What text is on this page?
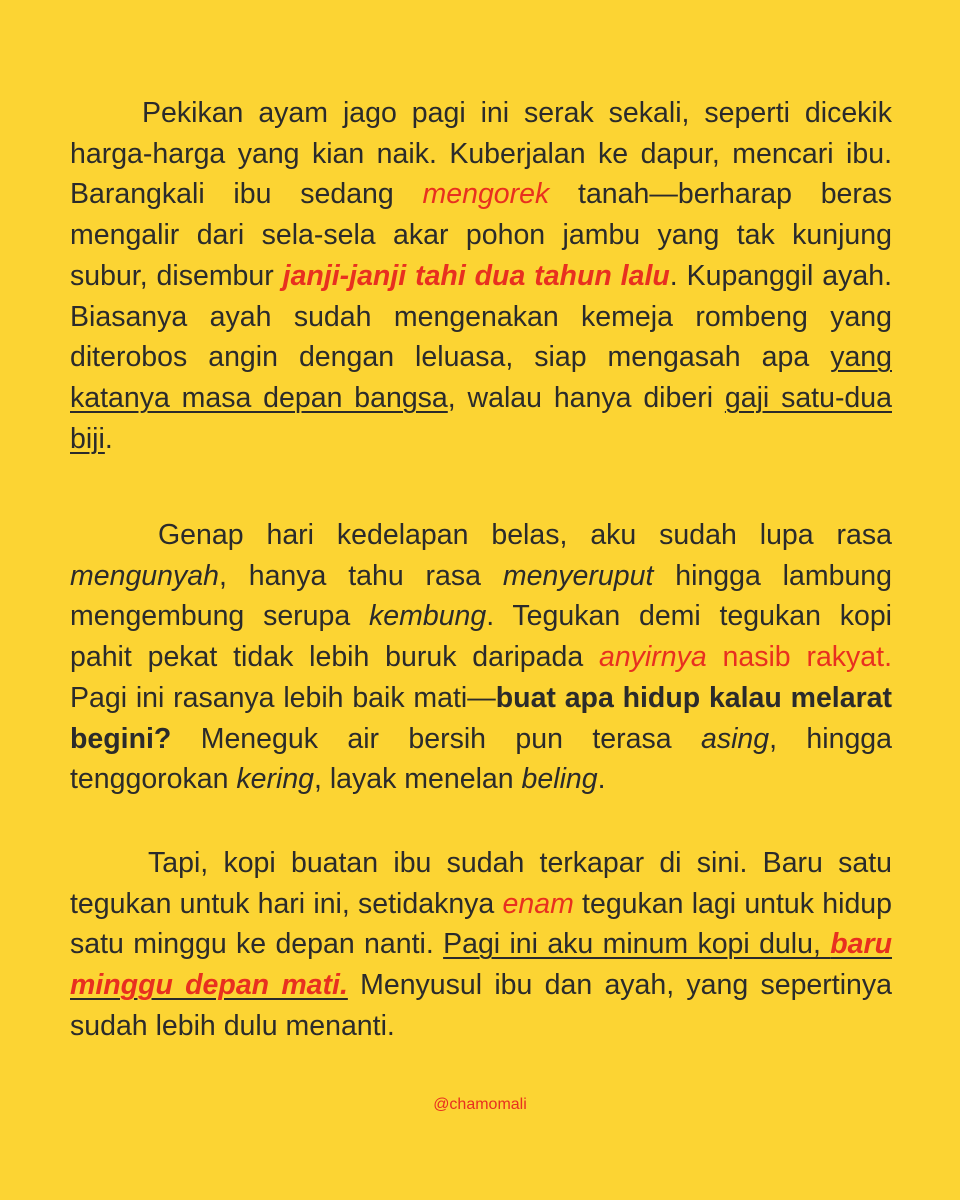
Pekikan ayam jago pagi ini serak sekali, seperti dicekik harga-harga yang kian naik. Kuberjalan ke dapur, mencari ibu. Barangkali ibu sedang mengorek tanah—berharap beras mengalir dari sela-sela akar pohon jambu yang tak kunjung subur, disembur janji-janji tahi dua tahun lalu. Kupanggil ayah. Biasanya ayah sudah mengenakan kemeja rombeng yang diterobos angin dengan leluasa, siap mengasah apa yang katanya masa depan bangsa, walau hanya diberi gaji satu-dua biji.

Genap hari kedelapan belas, aku sudah lupa rasa mengunyah, hanya tahu rasa menyeruput hingga lambung mengembung serupa kembung. Tegukan demi tegukan kopi pahit pekat tidak lebih buruk daripada anyirnya nasib rakyat. Pagi ini rasanya lebih baik mati—buat apa hidup kalau melarat begini? Meneguk air bersih pun terasa asing, hingga tenggorokan kering, layak menelan beling.

Tapi, kopi buatan ibu sudah terkapar di sini. Baru satu tegukan untuk hari ini, setidaknya enam tegukan lagi untuk hidup satu minggu ke depan nanti. Pagi ini aku minum kopi dulu, baru minggu depan mati. Menyusul ibu dan ayah, yang sepertinya sudah lebih dulu menanti.

@chamomali
